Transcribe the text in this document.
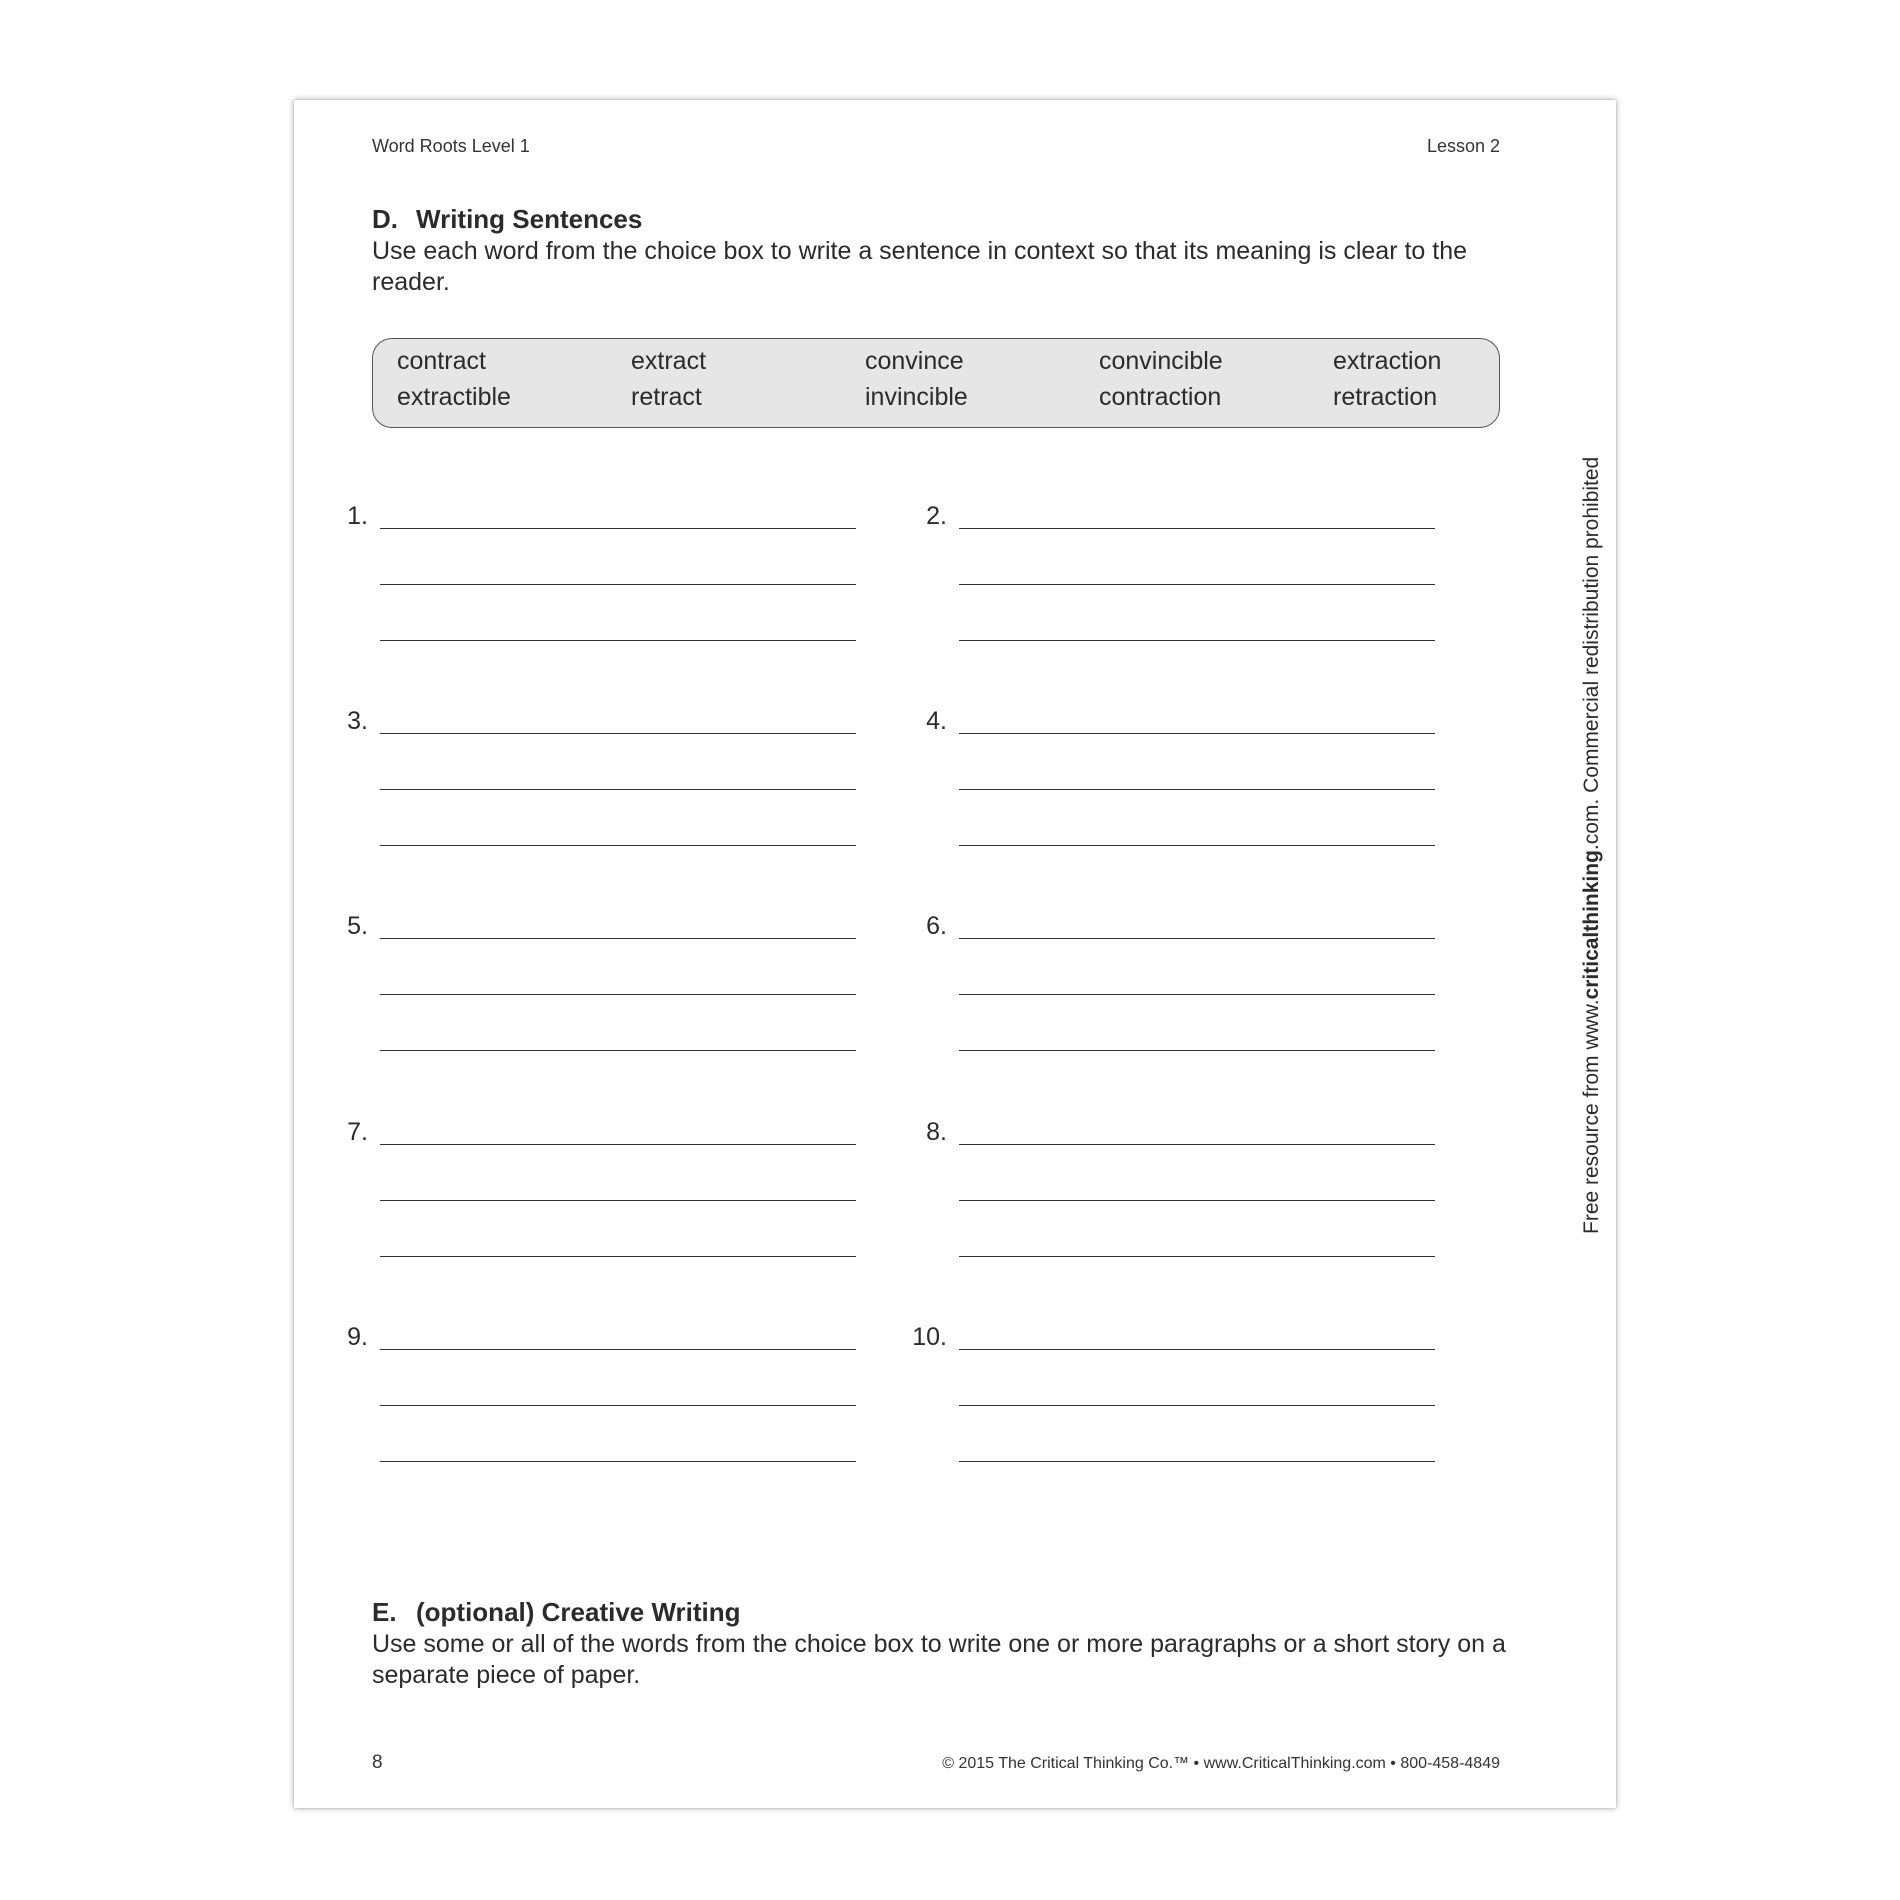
Word Roots Level 1	Lesson 2
D. Writing Sentences
Use each word from the choice box to write a sentence in context so that its meaning is clear to the reader.
contract	extract	convince	convincible	extraction
extractible	retract	invincible	contraction	retraction
1.	2.
3.	4.
5.	6.
7.	8.
9.	10.
E. (optional) Creative Writing
Use some or all of the words from the choice box to write one or more paragraphs or a short story on a separate piece of paper.
Free resource from www.criticalthinking.com. Commercial redistribution prohibited
8	© 2015 The Critical Thinking Co.™ • www.CriticalThinking.com • 800-458-4849
